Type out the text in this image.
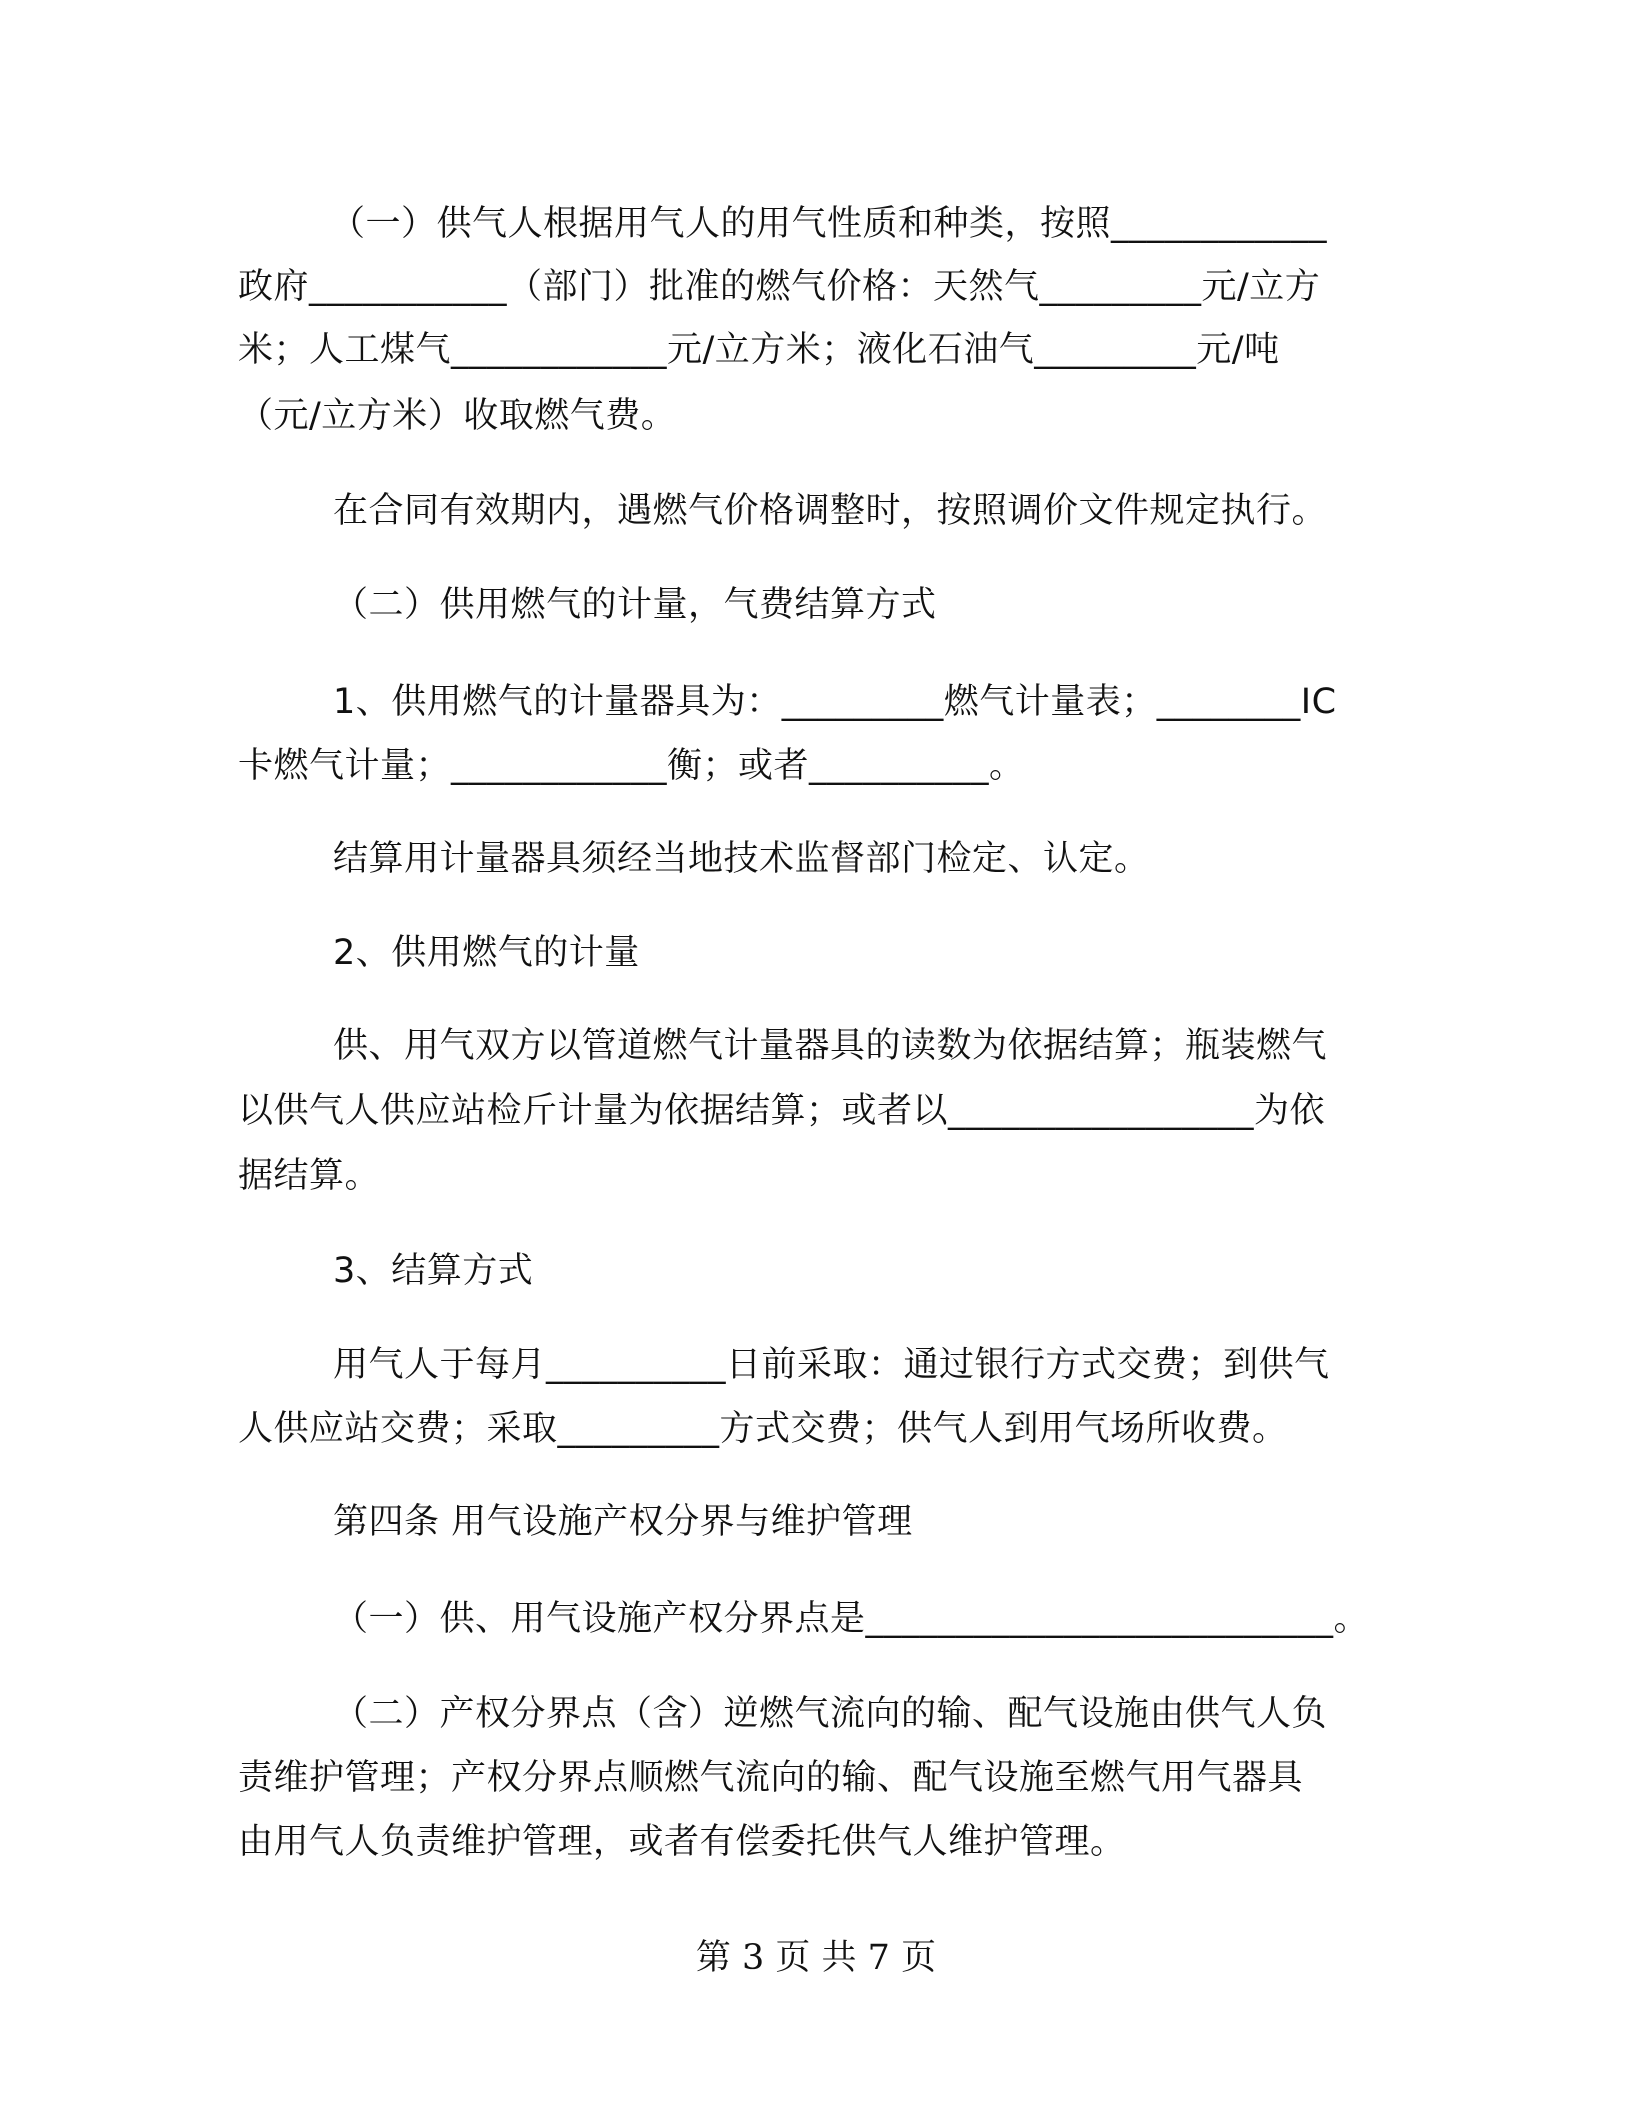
（一）供气人根据用气人的用气性质和种类，按照____________

政府___________（部门）批准的燃气价格：天然气_________元/立方

米；人工煤气____________元/立方米；液化石油气_________元/吨

（元/立方米）收取燃气费。

在合同有效期内，遇燃气价格调整时，按照调价文件规定执行。

（二）供用燃气的计量，气费结算方式

1、供用燃气的计量器具为：_________燃气计量表；________IC

卡燃气计量；____________衡；或者__________。

结算用计量器具须经当地技术监督部门检定、认定。

2、供用燃气的计量

供、用气双方以管道燃气计量器具的读数为依据结算；瓶装燃气

以供气人供应站检斤计量为依据结算；或者以_________________为依

据结算。

3、结算方式

用气人于每月__________日前采取：通过银行方式交费；到供气

人供应站交费；采取_________方式交费；供气人到用气场所收费。

第四条 用气设施产权分界与维护管理

（一）供、用气设施产权分界点是__________________________。

（二）产权分界点（含）逆燃气流向的输、配气设施由供气人负

责维护管理；产权分界点顺燃气流向的输、配气设施至燃气用气器具

由用气人负责维护管理，或者有偿委托供气人维护管理。

第 3 页 共 7 页
